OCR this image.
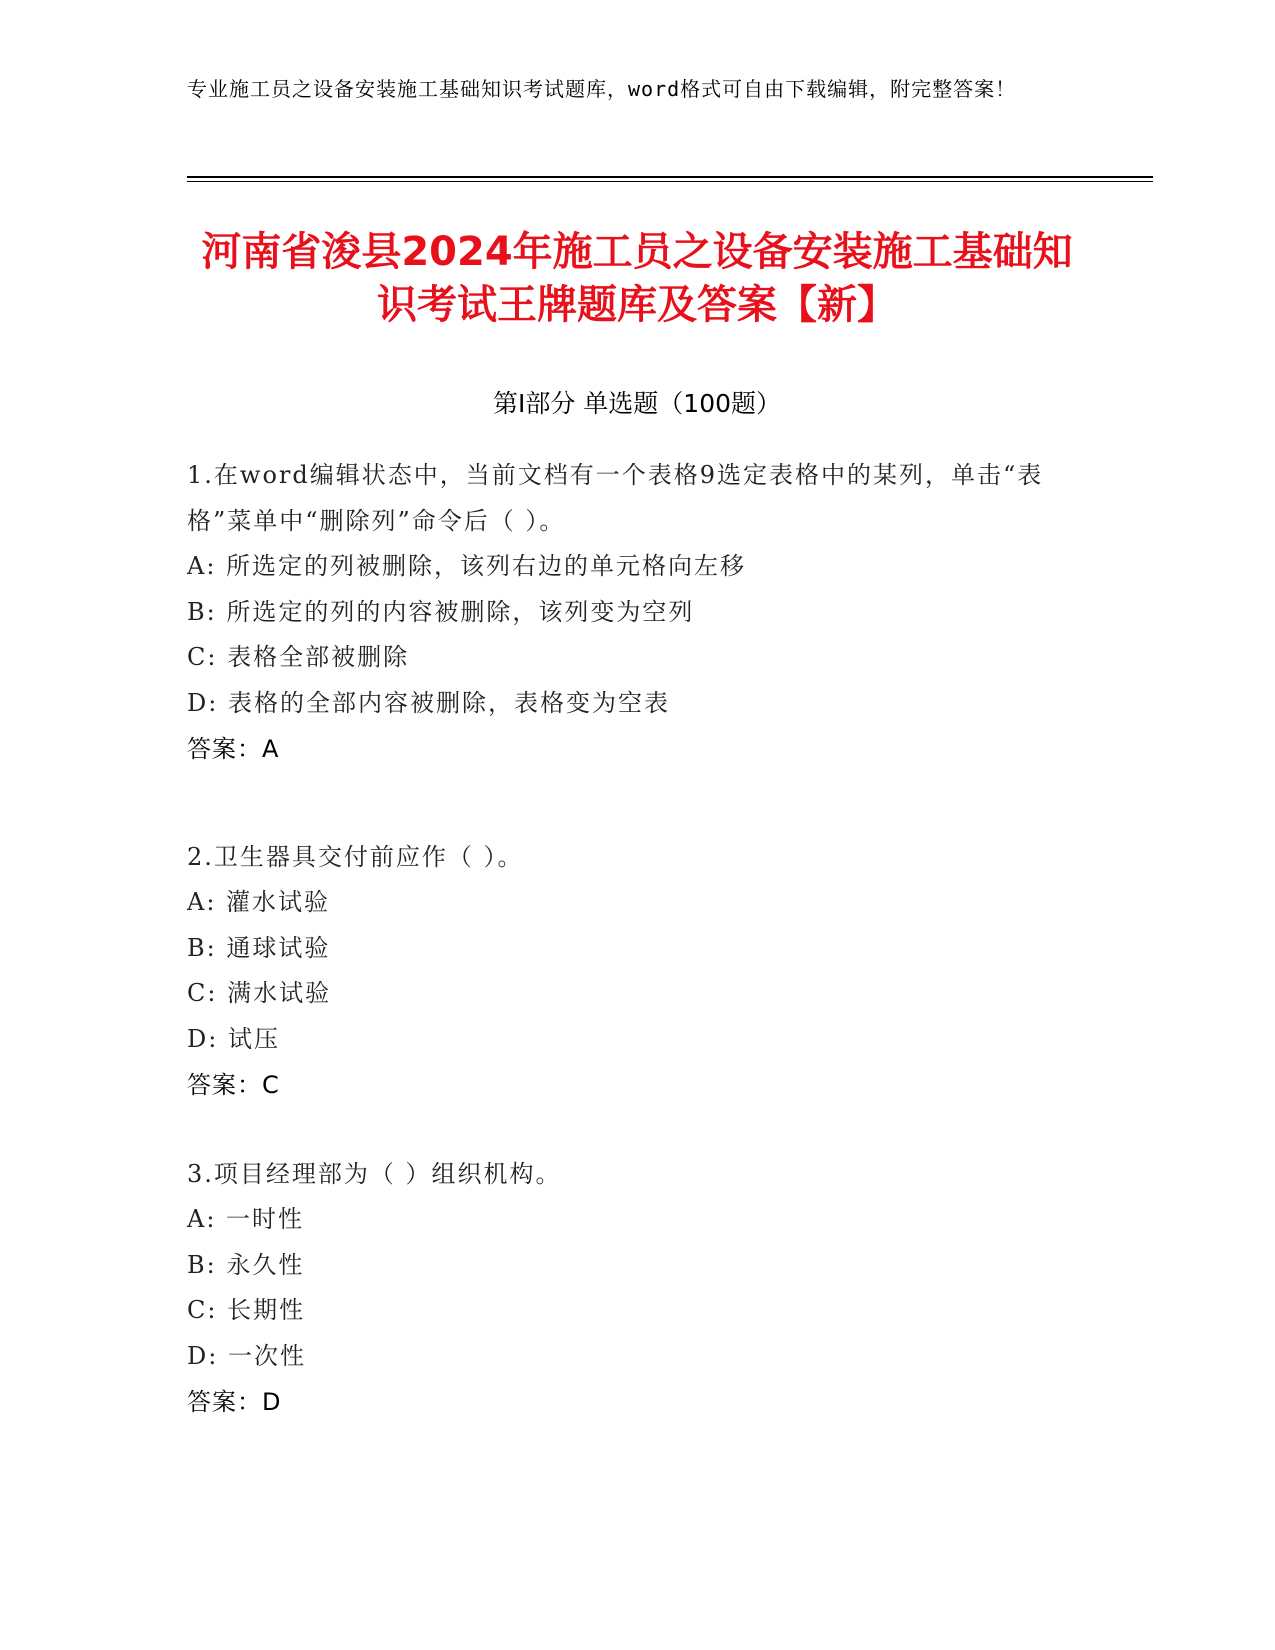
专业施工员之设备安装施工基础知识考试题库，word格式可自由下载编辑，附完整答案！
河南省浚县2024年施工员之设备安装施工基础知识考试王牌题库及答案【新】
第Ⅰ部分 单选题（100题）

1.在word编辑状态中，当前文档有一个表格9选定表格中的某列，单击“表格”菜单中“删除列”命令后（ ）。

A: 所选定的列被删除，该列右边的单元格向左移

B: 所选定的列的内容被删除，该列变为空列

C: 表格全部被删除

D: 表格的全部内容被删除，表格变为空表

答案：A

2.卫生器具交付前应作（ ）。

A: 灌水试验

B: 通球试验

C: 满水试验

D: 试压

答案：C

3.项目经理部为（ ）组织机构。

A: 一时性

B: 永久性

C: 长期性

D: 一次性

答案：D
